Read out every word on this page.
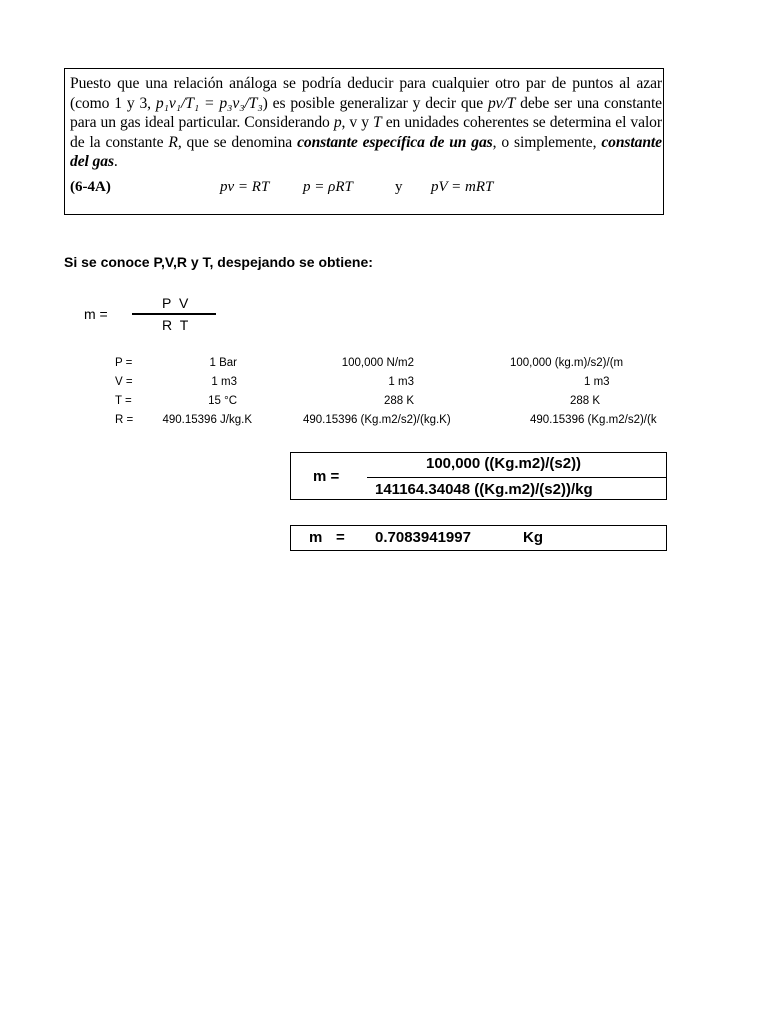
Puesto que una relación análoga se podría deducir para cualquier otro par de puntos al azar (como 1 y 3, p₁v₁/T₁ = p₃v₃/T₃) es posible generalizar y decir que pv/T debe ser una constante para un gas ideal particular. Considerando p, v y T en unidades coherentes se determina el valor de la constante R, que se denomina constante específica de un gas, o simplemente, constante del gas.
(6-4A)	pv = RT p = ρRT	y pV = mRT
Si se conoce P,V,R y T, despejando se obtiene:
m =
P V
R T
P =	1 Bar	100,000 N/m2	100,000 (kg.m)/s2)/(m
V =	1 m3	1 m3	1 m3
T =	15 °C	288 K	288 K
R =	490.15396 J/kg.K	490.15396 (Kg.m2/s2)/(kg.K)	490.15396 (Kg.m2/s2)/(k
m =
100,000 ((Kg.m2)/(s2))
141164.34048 ((Kg.m2)/(s2))/kg
m = 0.7083941997	Kg
